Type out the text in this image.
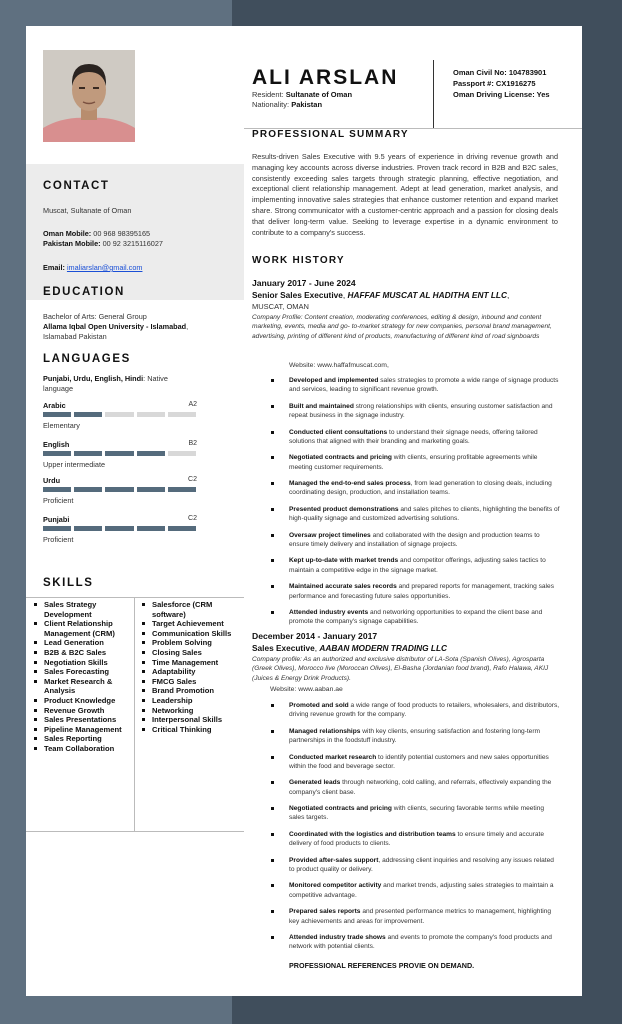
CONTACT
Muscat, Sultanate of Oman
Oman Mobile: 00 968 98395165
Pakistan Mobile: 00 92 3215116027
Email: imaliarslan@gmail.com
EDUCATION
Bachelor of Arts: General Group
Allama Iqbal Open University - Islamabad,
Islamabad Pakistan
LANGUAGES
Punjabi, Urdu, English, Hindi: Native
language
Arabic	A2
Elementary
English	B2
Upper intermediate
Urdu	C2
Proficient
Punjabi	C2
Proficient
SKILLS
Sales Strategy Development
Client Relationship Management (CRM)
Lead Generation
B2B & B2C Sales
Negotiation Skills
Sales Forecasting
Market Research & Analysis
Product Knowledge
Revenue Growth
Sales Presentations
Pipeline Management
Sales Reporting
Team Collaboration
Salesforce (CRM software)
Target Achievement
Communication Skills
Problem Solving
Closing Sales
Time Management
Adaptability
FMCG Sales
Brand Promotion
Leadership
Networking
Interpersonal Skills
Critical Thinking
ALI ARSLAN
Resident: Sultanate of Oman
Nationality: Pakistan
Oman Civil No: 104783901
Passport #: CX1916275
Oman Driving License: Yes
PROFESSIONAL SUMMARY
Results-driven Sales Executive with 9.5 years of experience in driving revenue growth and managing key accounts across diverse industries. Proven track record in B2B and B2C sales, consistently exceeding sales targets through strategic planning, effective negotiation, and exceptional client relationship management. Adept at lead generation, market analysis, and implementing innovative sales strategies that enhance customer retention and expand market share. Strong communicator with a customer-centric approach and a passion for closing deals that deliver long-term value. Seeking to leverage expertise in a dynamic environment to contribute to a company's success.
WORK HISTORY
January 2017 - June 2024
Senior Sales Executive, HAFFAF MUSCAT AL HADITHA ENT LLC,
MUSCAT, OMAN
Company Profile: Content creation, moderating conferences, editing & design, inbound and content marketing, events, media and go- to-market strategy for new companies, personal brand management, advertising, printing of different kind of products, manufacturing of different kind of road signboards
Website: www.haffafmuscat.com,
Developed and implemented sales strategies to promote a wide range of signage products and services, leading to significant revenue growth.
Built and maintained strong relationships with clients, ensuring customer satisfaction and repeat business in the signage industry.
Conducted client consultations to understand their signage needs, offering tailored solutions that aligned with their branding and marketing goals.
Negotiated contracts and pricing with clients, ensuring profitable agreements while meeting customer requirements.
Managed the end-to-end sales process, from lead generation to closing deals, including coordinating design, production, and installation teams.
Presented product demonstrations and sales pitches to clients, highlighting the benefits of high-quality signage and customized advertising solutions.
Oversaw project timelines and collaborated with the design and production teams to ensure timely delivery and installation of signage projects.
Kept up-to-date with market trends and competitor offerings, adjusting sales tactics to maintain a competitive edge in the signage market.
Maintained accurate sales records and prepared reports for management, tracking sales performance and forecasting future sales opportunities.
Attended industry events and networking opportunities to expand the client base and promote the company's signage capabilities.
December 2014 - January 2017
Sales Executive, AABAN MODERN TRADING LLC
Company profile: As an authorized and exclusive distributor of LA-Sota (Spanish Olives), Agrosparta (Greek Olives), Morocco live (Moroccan Olives), El-Basha (Jordanian food brand), Rafo Halawa, AKIJ (Juices & Energy Drink Products).
Website: www.aaban.ae
Promoted and sold a wide range of food products to retailers, wholesalers, and distributors, driving revenue growth for the company.
Managed relationships with key clients, ensuring satisfaction and fostering long-term partnerships in the foodstuff industry.
Conducted market research to identify potential customers and new sales opportunities within the food and beverage sector.
Generated leads through networking, cold calling, and referrals, effectively expanding the company's client base.
Negotiated contracts and pricing with clients, securing favorable terms while meeting sales targets.
Coordinated with the logistics and distribution teams to ensure timely and accurate delivery of food products to clients.
Provided after-sales support, addressing client inquiries and resolving any issues related to product quality or delivery.
Monitored competitor activity and market trends, adjusting sales strategies to maintain a competitive advantage.
Prepared sales reports and presented performance metrics to management, highlighting key achievements and areas for improvement.
Attended industry trade shows and events to promote the company's food products and network with potential clients.
PROFESSIONAL REFERENCES PROVIE ON DEMAND.
